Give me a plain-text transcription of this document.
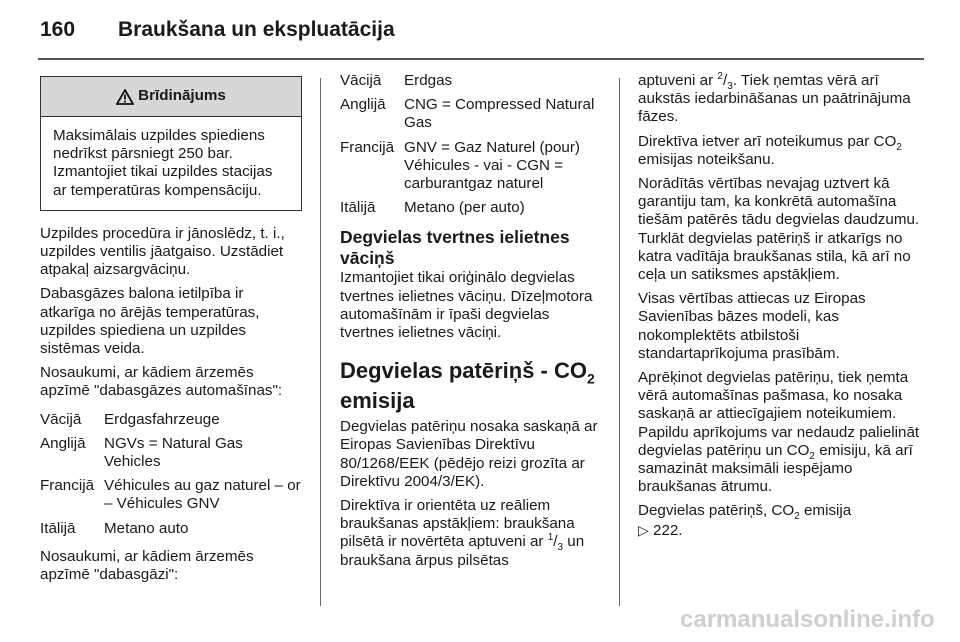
160	Braukšana un ekspluatācija
Brīdinājums
Maksimālais uzpildes spiediens nedrīkst pārsniegt 250 bar. Izmantojiet tikai uzpildes stacijas ar temperatūras kompensāciju.

Uzpildes procedūra ir jānoslēdz, t. i., uzpildes ventilis jāatgaiso. Uzstādiet atpakaļ aizsargvāciņu.

Dabasgāzes balona ietilpība ir atkarīga no ārējās temperatūras, uzpildes spiediena un uzpildes sistēmas veida.

Nosaukumi, ar kādiem ārzemēs apzīmē "dabasgāzes automašīnas":

Vācijā	Erdgasfahrzeuge
Anglijā	NGVs = Natural Gas Vehicles
Francijā Véhicules au gaz naturel – or – Véhicules GNV
Itālijā	Metano auto

Nosaukumi, ar kādiem ārzemēs apzīmē "dabasgāzi":

Vācijā	Erdgas
Anglijā	CNG = Compressed Natural Gas
Francijā GNV = Gaz Naturel (pour) Véhicules - vai - CGN = carburantgaz naturel
Itālijā	Metano (per auto)
Degvielas tvertnes ielietnes vāciņš

Izmantojiet tikai oriģinālo degvielas tvertnes ielietnes vāciņu. Dīzeļmotora automašīnām ir īpaši degvielas tvertnes ielietnes vāciņi.

Degvielas patēriņš - $CO_2$
emisija

Degvielas patēriņu nosaka saskaņā ar Eiropas Savienības Direktīvu 80/1268/EEK (pēdējo reizi grozīta ar Direktīvu 2004/3/EK).

Direktīva ir orientēta uz reāliem braukšanas apstākļiem: braukšana pilsētā ir novērtēta aptuveni ar $^1/_3$ un braukšana ārpus pilsētas

aptuveni ar $^2/_3$. Tiek ņemtas vērā arī aukstās iedarbināšanas un paātrinājuma fāzes.

Direktīva ietver arī noteikumus par $CO_2$ emisijas noteikšanu.

Norādītās vērtības nevajag uztvert kā garantiju tam, ka konkrētā automašīna tiešām patērēs tādu degvielas daudzumu. Turklāt degvielas patēriņš ir atkarīgs no katra vadītāja braukšanas stila, kā arī no ceļa un satiksmes apstākļiem.

Visas vērtības attiecas uz Eiropas Savienības bāzes modeli, kas nokomplektēts atbilstoši standartaprīkojuma prasībām.

Aprēķinot degvielas patēriņu, tiek ņemta vērā automašīnas pašmasa, ko nosaka saskaņā ar attiecīgajiem noteikumiem. Papildu aprīkojums var nedaudz palielināt degvielas patēriņu un $CO_2$ emisiju, kā arī samazināt maksimāli iespējamo braukšanas ātrumu.

Degvielas patēriņš, $CO_2$ emisija
▷ 222.

carmanualsonline.info
